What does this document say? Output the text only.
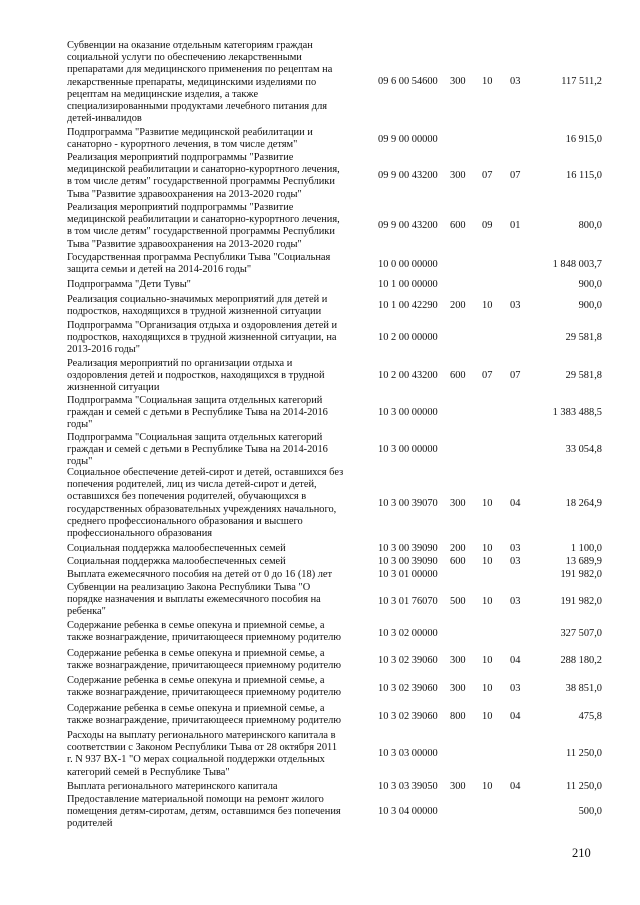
Субвенции на оказание отдельным категориям граждан
социальной услуги по обеспечению лекарственными
препаратами для медицинского применения по рецептам на
лекарственные препараты, медицинскими изделиями по
рецептам на медицинские изделия, а также
специализированными продуктами лечебного питания для
детей-инвалидов
09 6 00 54600 300 10 03	117 511,2
Подпрограмма "Развитие медицинской реабилитации и
санаторно - курортного лечения, в том числе детям"	09 9 00 00000	16 915,0
Реализация мероприятий подпрограммы "Развитие
медицинской реабилитации и санаторно-курортного лечения,
в том числе детям" государственной программы Республики
Тыва "Развитие здравоохранения на 2013-2020 годы"
09 9 00 43200 300 07 07	16 115,0
Реализация мероприятий подпрограммы "Развитие
медицинской реабилитации и санаторно-курортного лечения,
в том числе детям" государственной программы Республики
Тыва "Развитие здравоохранения на 2013-2020 годы"
09 9 00 43200 600 09 01	800,0
Государственная программа Республики Тыва "Социальная
защита семьи и детей на 2014-2016 годы"	10 0 00 00000	1 848 003,7
Подпрограмма "Дети Тувы"	10 1 00 00000	900,0
Реализация социально-значимых мероприятий для детей и
подростков, находящихся в трудной жизненной ситуации
10 1 00 42290 200 10 03	900,0
Подпрограмма "Организация отдыха и оздоровления детей и
подростков, находящихся в трудной жизненной ситуации, на
2013-2016 годы"
10 2 00 00000	29 581,8
Реализация мероприятий по организации отдыха и
оздоровления детей и подростков, находящихся в трудной
жизненной ситуации
10 2 00 43200 600 07 07	29 581,8
Подпрограмма "Социальная защита отдельных категорий
граждан и семей с детьми в Республике Тыва на 2014-2016
годы"
10 3 00 00000	1 383 488,5
Подпрограмма "Социальная защита отдельных категорий
граждан и семей с детьми в Республике Тыва на 2014-2016
годы"
10 3 00 00000	33 054,8
Социальное обеспечение детей-сирот и детей, оставшихся без
попечения родителей, лиц из числа детей-сирот и детей,
оставшихся без попечения родителей, обучающихся в
государственных образовательных учреждениях начального,
среднего профессионального образования и высшего
профессионального образования
10 3 00 39070 300 10 04	18 264,9
Социальная поддержка малообеспеченных семей	10 3 00 39090 200 10 03	1 100,0
Социальная поддержка малообеспеченных семей	10 3 00 39090 600 10 03	13 689,9
Выплата ежемесячного пособия на детей от 0 до 16 (18) лет	10 3 01 00000	191 982,0
Субвенции на реализацию Закона Республики Тыва "О
порядке назначения и выплаты ежемесячного пособия на
ребенка"
10 3 01 76070 500 10 03	191 982,0
Содержание ребенка в семье опекуна и приемной семье, а
также вознаграждение, причитающееся приемному родителю	10 3 02 00000	327 507,0
Содержание ребенка в семье опекуна и приемной семье, а
также вознаграждение, причитающееся приемному родителю	10 3 02 39060 300 10 04	288 180,2
Содержание ребенка в семье опекуна и приемной семье, а
также вознаграждение, причитающееся приемному родителю	10 3 02 39060 300 10 03	38 851,0
Содержание ребенка в семье опекуна и приемной семье, а
также вознаграждение, причитающееся приемному родителю	10 3 02 39060 800 10 04	475,8
Расходы на выплату регионального материнского капитала в
соответствии с Законом Республики Тыва от 28 октября 2011
г. N 937 ВХ-1 "О мерах социальной поддержки отдельных
категорий семей в Республике Тыва"
10 3 03 00000	11 250,0
Выплата регионального материнского капитала	10 3 03 39050 300 10 04	11 250,0
Предоставление материальной помощи на ремонт жилого
помещения детям-сиротам, детям, оставшимся без попечения
родителей
10 3 04 00000	500,0
210
